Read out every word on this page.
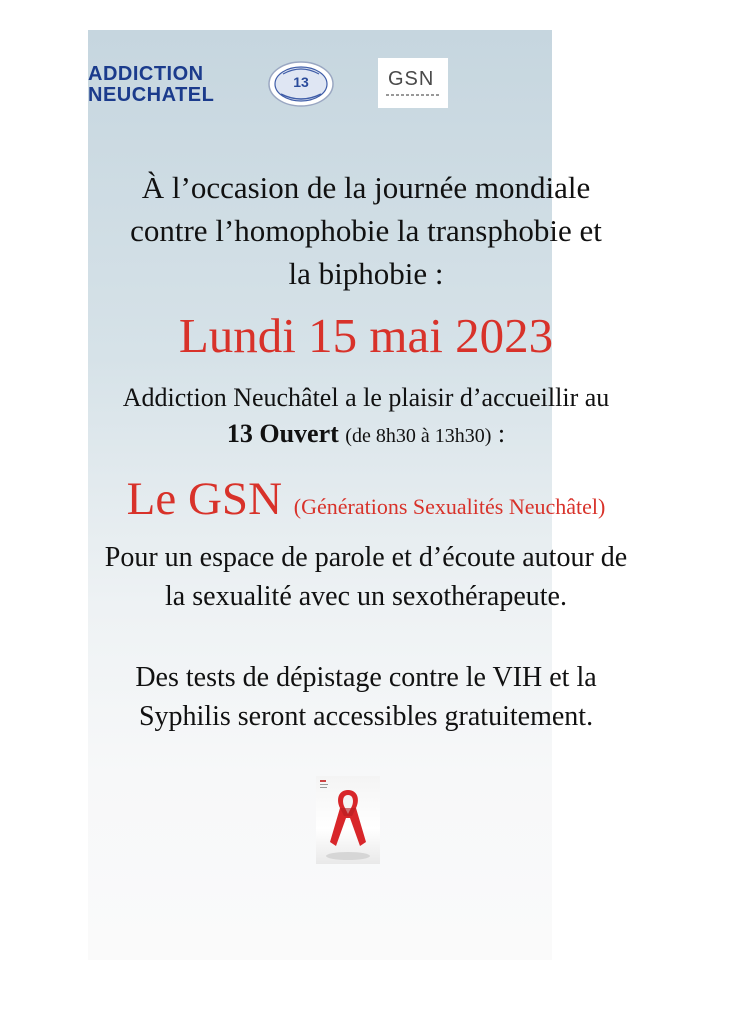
ADDICTION
NEUCHATEL
13	GSN
À l’occasion de la journée mondiale
contre l’homophobie la transphobie et
la biphobie :
Lundi 15 mai 2023
Addiction Neuchâtel a le plaisir d’accueillir au
13 Ouvert (de 8h30 à 13h30) :
Le GSN (Générations Sexualités Neuchâtel)
Pour un espace de parole et d’écoute autour de
la sexualité avec un sexothérapeute.
Des tests de dépistage contre le VIH et la
Syphilis seront accessibles gratuitement.
